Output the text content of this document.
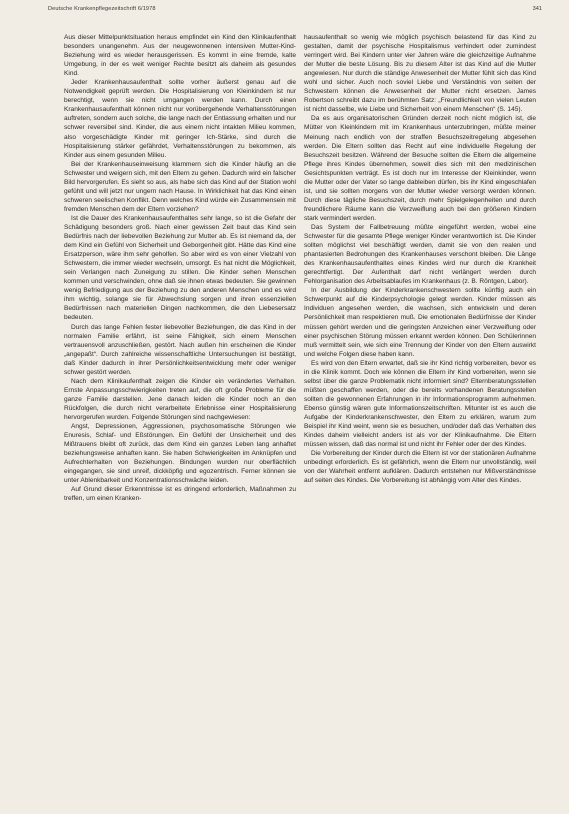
Deutsche Krankenpflegezeitschrift 6/1978	341

Aus dieser Mittelpunktsituation heraus empfindet ein Kind den Klinikaufenthalt besonders unangenehm. Aus der neugewonnenen intensiven Mutter-Kind-Beziehung wird es wieder herausgerissen. Es kommt in eine fremde, kalte Umgebung, in der es weit weniger Rechte besitzt als daheim als gesundes Kind.

Jeder Krankenhausaufenthalt sollte vorher äußerst genau auf die Notwendigkeit geprüft werden. Die Hospitalisierung von Kleinkindern ist nur berechtigt, wenn sie nicht umgangen werden kann. Durch einen Krankenhausaufenthalt können nicht nur vorübergehende Verhaltensstörungen auftreten, sondern auch solche, die lange nach der Entlassung erhalten und nur schwer reversibel sind. Kinder, die aus einem nicht intakten Milieu kommen, also vorgeschädigte Kinder mit geringer Ich-Stärke, sind durch die Hospitalisierung stärker gefährdet, Verhaltensstörungen zu bekommen, als Kinder aus einem gesunden Milieu.

Bei der Krankenhauseinweisung klammern sich die Kinder häufig an die Schwester und weigern sich, mit den Eltern zu gehen. Dadurch wird ein falscher Bild hervorgerufen. Es sieht so aus, als habe sich das Kind auf der Station wohl gefühlt und will jetzt nur ungern nach Hause. In Wirklichkeit hat das Kind einen schweren seelischen Konflikt. Denn welches Kind würde ein Zusammensein mit fremden Menschen dem der Eltern vorziehen?

Ist die Dauer des Krankenhausaufenthaltes sehr lange, so ist die Gefahr der Schädigung besonders groß. Nach einer gewissen Zeit baut das Kind sein Bedürfnis nach der liebevollen Beziehung zur Mutter ab. Es ist niemand da, der dem Kind ein Gefühl von Sicherheit und Geborgenheit gibt. Hätte das Kind eine Ersatzperson, wäre ihm sehr geholfen. So aber wird es von einer Vielzahl von Schwestern, die immer wieder wechseln, umsorgt. Es hat nicht die Möglichkeit, sein Verlangen nach Zuneigung zu stillen. Die Kinder sehen Menschen kommen und verschwinden, ohne daß sie ihnen etwas bedeuten. Sie gewinnen wenig Befriedigung aus der Beziehung zu den anderen Menschen und es wird ihm wichtig, solange sie für Abwechslung sorgen und ihren essenziellen Bedürfnissen nach materiellen Dingen nachkommen, die den Liebesersatz bedeuten.

Durch das lange Fehlen fester liebevoller Beziehungen, die das Kind in der normalen Familie erfährt, ist seine Fähigkeit, sich einem Menschen vertrauensvoll anzuschließen, gestört. Nach außen hin erscheinen die Kinder „angepaßt“. Durch zahlreiche wissenschaftliche Untersuchungen ist bestätigt, daß Kinder dadurch in ihrer Persönlichkeitsentwicklung mehr oder weniger schwer gestört werden.

Nach dem Klinikaufenthalt zeigen die Kinder ein verändertes Verhalten. Ernste Anpassungsschwierigkeiten treten auf, die oft große Probleme für die ganze Familie darstellen. Jene danach leiden die Kinder noch an den Rückfolgen, die durch nicht verarbeitete Erlebnisse einer Hospitalisierung hervorgerufen wurden. Folgende Störungen sind nachgewiesen:

Angst, Depressionen, Aggressionen, psychosomatische Störungen wie Enuresis, Schlaf- und Eßstörungen. Ein Gefühl der Unsicherheit und des Mißtrauens bleibt oft zurück, das dem Kind ein ganzes Leben lang anhaftet beziehungsweise anhaften kann. Sie haben Schwierigkeiten im Anknüpfen und Aufrechterhalten von Beziehungen. Bindungen wurden nur oberflächlich eingegangen, sie sind unreif, dickköpfig und egozentrisch. Ferner können sie unter Ablenkbarkeit und Konzentrationsschwäche leiden.

Auf Grund dieser Erkenntnisse ist es dringend erforderlich, Maßnahmen zu treffen, um einen Kranken-

hausaufenthalt so wenig wie möglich psychisch belastend für das Kind zu gestalten, damit der psychische Hospitalismus verhindert oder zumindest verringert wird. Bei Kindern unter vier Jahren wäre die gleichzeitige Aufnahme der Mutter die beste Lösung. Bis zu diesem Alter ist das Kind auf die Mutter angewiesen. Nur durch die ständige Anwesenheit der Mutter fühlt sich das Kind wohl und sicher. Auch noch soviel Liebe und Verständnis von seiten der Schwestern können die Anwesenheit der Mutter nicht ersetzen. James Robertson schreibt dazu im berühmten Satz: „Freundlichkeit von vielen Leuten ist nicht dasselbe, wie Liebe und Sicherheit von einem Menschen“ (S. 145).

Da es aus organisatorischen Gründen derzeit noch nicht möglich ist, die Mütter von Kleinkindern mit im Krankenhaus unterzubringen, müßte meiner Meinung nach endlich von der straffen Besuchszeitregelung abgesehen werden. Die Eltern sollten das Recht auf eine individuelle Regelung der Besuchszeit besitzen. Während der Besuche sollten die Eltern die allgemeine Pflege ihres Kindes übernehmen, soweit dies sich mit den medizinischen Gesichtspunkten verträgt. Es ist doch nur im Interesse der Kleinkinder, wenn die Mutter oder der Vater so lange dableiben dürfen, bis ihr Kind eingeschlafen ist, und sie sollten morgens von der Mutter wieder versorgt werden können. Durch diese tägliche Besuchszeit, durch mehr Spielgelegenheiten und durch freundlichere Räume kann die Verzweiflung auch bei den größeren Kindern stark vermindert werden.

Das System der Fallbetreuung müßte eingeführt werden, wobei eine Schwester für die gesamte Pflege weniger Kinder verantwortlich ist. Die Kinder sollten möglichst viel beschäftigt werden, damit sie von den realen und phantasierten Bedrohungen des Krankenhauses verschont bleiben. Die Länge des Krankenhausaufenthaltes eines Kindes wird nur durch die Krankheit gerechtfertigt. Der Aufenthalt darf nicht verlängert werden durch Fehlorganisation des Arbeitsablaufes im Krankenhaus (z. B. Röntgen, Labor).

In der Ausbildung der Kinderkrankenschwestern sollte künftig auch ein Schwerpunkt auf die Kinderpsychologie gelegt werden. Kinder müssen als Individuen angesehen werden, die wachsen, sich entwickeln und deren Persönlichkeit man respektieren muß. Die emotionalen Bedürfnisse der Kinder müssen gehört werden und die geringsten Anzeichen einer Verzweiflung oder einer psychischen Störung müssen erkannt werden können. Den Schülerinnen muß vermittelt sein, wie sich eine Trennung der Kinder von den Eltern auswirkt und welche Folgen diese haben kann.

Es wird von den Eltern erwartet, daß sie ihr Kind richtig vorbereiten, bevor es in die Klinik kommt. Doch wie können die Eltern ihr Kind vorbereiten, wenn sie selbst über die ganze Problematik nicht informiert sind? Elternberatungsstellen müßten geschaffen werden, oder die bereits vorhandenen Beratungsstellen sollten die gewonnenen Erfahrungen in ihr Informationsprogramm aufnehmen. Ebenso günstig wären gute Informationszeitschriften. Mitunter ist es auch die Aufgabe der Kinderkrankenschwester, den Eltern zu erklären, warum zum Beispiel ihr Kind weint, wenn sie es besuchen, und/oder daß das Verhalten des Kindes daheim vielleicht anders ist als vor der Klinikaufnahme. Die Eltern müssen wissen, daß das normal ist und nicht ihr Fehler oder der des Kindes.

Die Vorbereitung der Kinder durch die Eltern ist vor der stationären Aufnahme unbedingt erforderlich. Es ist gefährlich, wenn die Eltern nur unvollständig, weil von der Wahrheit entfernt aufklären. Dadurch entstehen nur Mißverständnisse auf seiten des Kindes. Die Vorbereitung ist abhängig vom Alter des Kindes.
